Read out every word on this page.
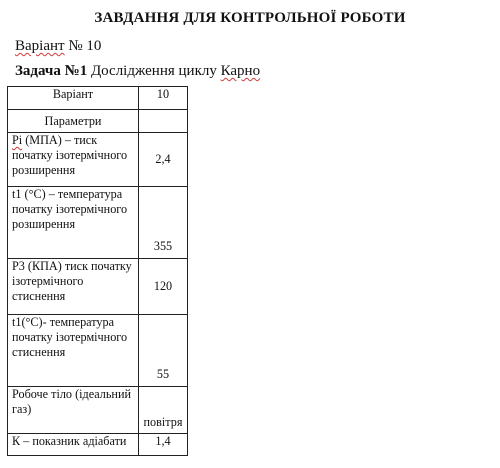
ЗАВДАННЯ ДЛЯ КОНТРОЛЬНОЇ РОБОТИ
Варіант № 10
Задача №1 Дослідження циклу Карно
Варіант	10
Параметри	
Pi (МПА) – тиск початку ізотермічного розширення	2,4
t1 (°C) – температура початку ізотермічного розширення	355
P3 (КПА) тиск початку ізотермічного стиснення	120
t1(°C)- температура початку ізотермічного стиснення	55
Робоче тіло (ідеальний газ)	повітря
К – показник адіабати	1,4
